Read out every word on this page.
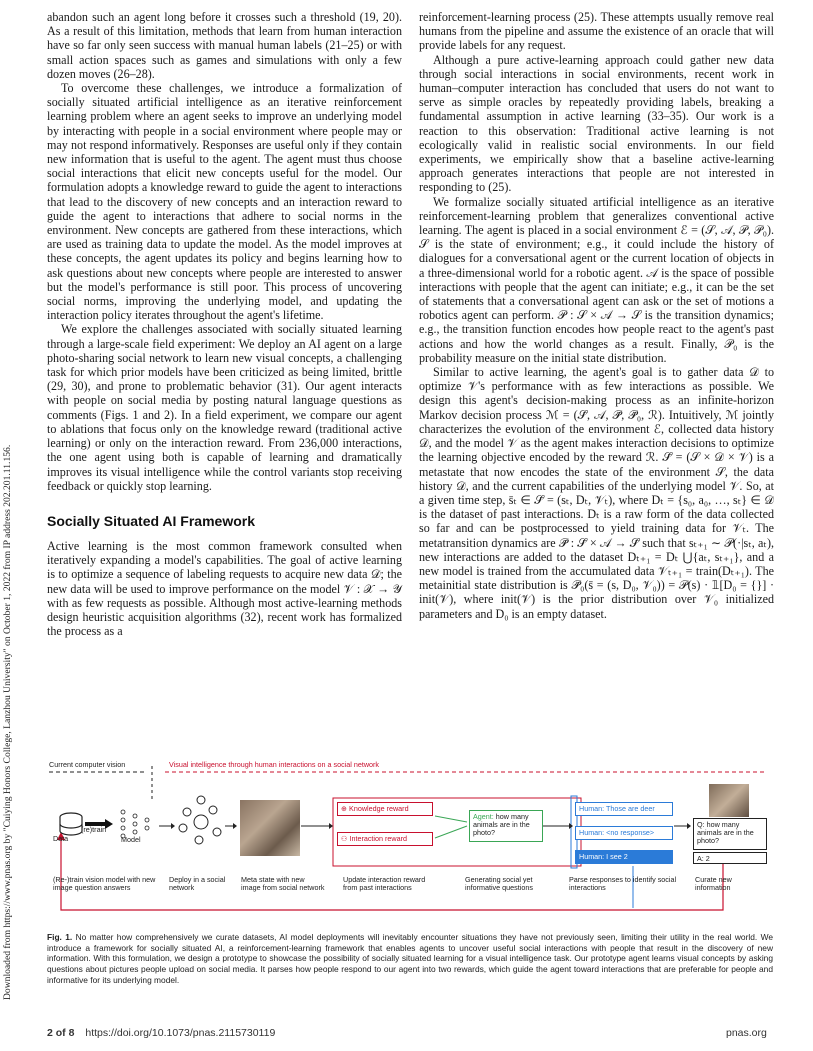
Downloaded from https://www.pnas.org by "Cuiying Honors College, Lanzhou University" on October 1, 2022 from IP address 202.201.11.156.

abandon such an agent long before it crosses such a threshold (19, 20). As a result of this limitation, methods that learn from human interaction have so far only seen success with manual human labels (21–25) or with small action spaces such as games and simulations with only a few dozen moves (26–28).

To overcome these challenges, we introduce a formalization of socially situated artificial intelligence as an iterative reinforcement learning problem where an agent seeks to improve an underlying model by interacting with people in a social environment where people may or may not respond informatively. Responses are useful only if they contain new information that is useful to the agent. The agent must thus choose social interactions that elicit new concepts useful for the model. Our formulation adopts a knowledge reward to guide the agent to interactions that lead to the discovery of new concepts and an interaction reward to guide the agent to interactions that adhere to social norms in the environment. New concepts are gathered from these interactions, which are used as training data to update the model. As the model improves at these concepts, the agent updates its policy and begins learning how to ask questions about new concepts where people are interested to answer but the model's performance is still poor. This process of uncovering social norms, improving the underlying model, and updating the interaction policy iterates throughout the agent's lifetime.

We explore the challenges associated with socially situated learning through a large-scale field experiment: We deploy an AI agent on a large photo-sharing social network to learn new visual concepts, a challenging task for which prior models have been criticized as being limited, brittle (29, 30), and prone to problematic behavior (31). Our agent interacts with people on social media by posting natural language questions as comments (Figs. 1 and 2). In a field experiment, we compare our agent to ablations that focus only on the knowledge reward (traditional active learning) or only on the interaction reward. From 236,000 interactions, the one agent using both is capable of learning and dramatically improves its visual intelligence while the control variants stop receiving feedback or quickly stop learning.

Socially Situated AI Framework

Active learning is the most common framework consulted when iteratively expanding a model's capabilities. The goal of active learning is to optimize a sequence of labeling requests to acquire new data 𝒟; the new data will be used to improve performance on the model 𝒱 : 𝒳 → 𝒴 with as few requests as possible. Although most active-learning methods design heuristic acquisition algorithms (32), recent work has formalized the process as a

reinforcement-learning process (25). These attempts usually remove real humans from the pipeline and assume the existence of an oracle that will provide labels for any request.

Although a pure active-learning approach could gather new data through social interactions in social environments, recent work in human–computer interaction has concluded that users do not want to serve as simple oracles by repeatedly providing labels, breaking a fundamental assumption in active learning (33–35). Our work is a reaction to this observation: Traditional active learning is not ecologically valid in realistic social environments. In our field experiments, we empirically show that a baseline active-learning approach generates interactions that people are not interested in responding to (25).

We formalize socially situated artificial intelligence as an iterative reinforcement-learning problem that generalizes conventional active learning. The agent is placed in a social environment ℰ = (𝒮, 𝒜, 𝒫, 𝒫₀). 𝒮 is the state of environment; e.g., it could include the history of dialogues for a conversational agent or the current location of objects in a three-dimensional world for a robotic agent. 𝒜 is the space of possible interactions with people that the agent can initiate; e.g., it can be the set of statements that a conversational agent can ask or the set of motions a robotics agent can perform. 𝒫 : 𝒮 × 𝒜 → 𝒮 is the transition dynamics; e.g., the transition function encodes how people react to the agent's past actions and how the world changes as a result. Finally, 𝒫₀ is the probability measure on the initial state distribution.

Similar to active learning, the agent's goal is to gather data 𝒟 to optimize 𝒱's performance with as few interactions as possible. We design this agent's decision-making process as an infinite-horizon Markov decision process ℳ = (𝒮̄, 𝒜, 𝒫̄, 𝒫̄₀, ℛ). Intuitively, ℳ jointly characterizes the evolution of the environment ℰ, collected data history 𝒟, and the model 𝒱 as the agent makes interaction decisions to optimize the learning objective encoded by the reward ℛ. 𝒮̄ = (𝒮 × 𝒟 × 𝒱) is a metastate that now encodes the state of the environment 𝒮, the data history 𝒟, and the current capabilities of the underlying model 𝒱. So, at a given time step, s̄ₜ ∈ 𝒮̄ = (sₜ, Dₜ, 𝒱ₜ), where Dₜ = {s₀, a₀, …, sₜ} ∈ 𝒟 is the dataset of past interactions. Dₜ is a raw form of the data collected so far and can be postprocessed to yield training data for 𝒱ₜ. The metatransition dynamics are 𝒫̄ : 𝒮̄ × 𝒜 → 𝒮̄ such that sₜ₊₁ ∼ 𝒫(·|sₜ, aₜ), new interactions are added to the dataset Dₜ₊₁ = Dₜ ⋃{aₜ, sₜ₊₁}, and a new model is trained from the accumulated data 𝒱ₜ₊₁ = train(Dₜ₊₁). The metainitial state distribution is 𝒫̄₀(s̄ = (s, D₀, 𝒱₀)) = 𝒫(s) · 𝟙[D₀ = {}] · init(𝒱), where init(𝒱) is the prior distribution over 𝒱₀ initialized parameters and D₀ is an empty dataset.

Current computer vision	Visual intelligence through human interactions on a social network
Data
(re)train
Model
⊕ Knowledge reward
⚇ Interaction reward
Agent: how many animals are in the photo?
Human: Those are deer
Human: <no response>
Human: I see 2
Q: how many animals are in the photo?
A: 2
(Re-)train vision model with new image question answers
Deploy in a social network
Meta state with new image from social network
Update interaction reward from past interactions
Generating social yet informative questions
Parse responses to identify social interactions
Curate new information
Fig. 1. No matter how comprehensively we curate datasets, AI model deployments will inevitably encounter situations they have not previously seen, limiting their utility in the real world. We introduce a framework for socially situated AI, a reinforcement-learning framework that enables agents to uncover useful social interactions with people that result in the discovery of new information. With this formulation, we design a prototype to showcase the possibility of socially situated learning for a visual intelligence task. Our prototype agent learns visual concepts by asking questions about pictures people upload on social media. It parses how people respond to our agent into two rewards, which guide the agent toward interactions that are preferable for people and informative for its underlying model.
2 of 8 https://doi.org/10.1073/pnas.2115730119	pnas.org
